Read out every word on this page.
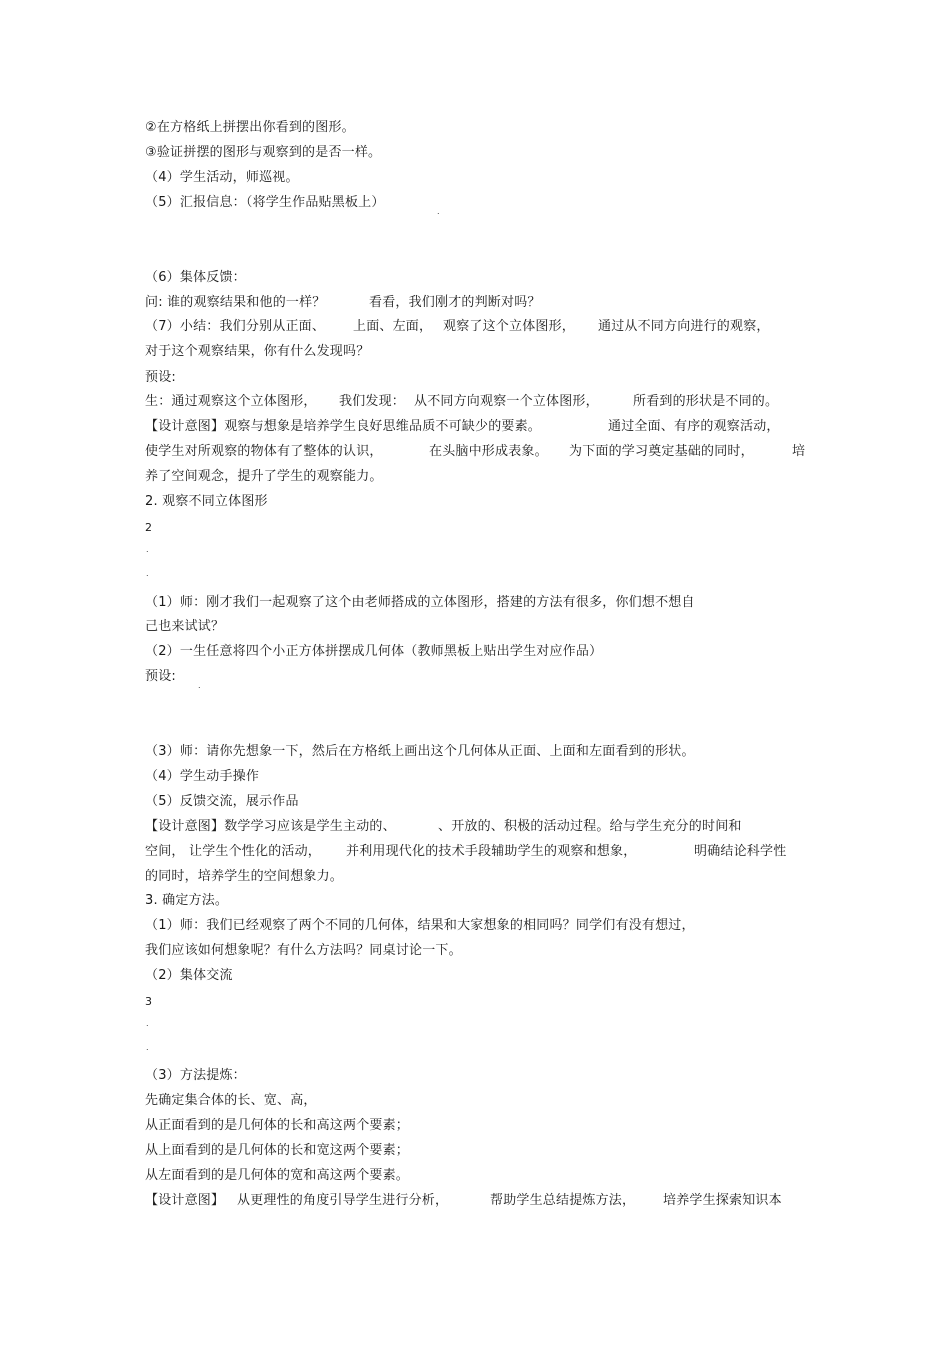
②在方格纸上拼摆出你看到的图形。
③验证拼摆的图形与观察到的是否一样。
（4）学生活动，师巡视。
（5）汇报信息：（将学生作品贴黑板上）
.
（6）集体反馈：

问: 谁的观察结果和他的一样？

	看看，我们刚才的判断对吗？

（7）小结：我们分别从正面、

上面、左面，

观察了这个立体图形，

通过从不同方向进行的观察，

对于这个观察结果，你有什么发现吗？
预设:

生：通过观察这个立体图形，

我们发现：

从不同方向观察一个立体图形，

	所看到的形状是不同的。

【设计意图】观察与想象是培养学生良好思维品质不可缺少的要素。

	通过全面、有序的观察活动，

使学生对所观察的物体有了整体的认识，

	在头脑中形成表象。

为下面的学习奠定基础的同时，

	培

养了空间观念，提升了学生的观察能力。
2. 观察不同立体图形
2
.
.
（1）师：刚才我们一起观察了这个由老师搭成的立体图形，搭建的方法有很多，你们想不想自
己也来试试？
（2）一生任意将四个小正方体拼摆成几何体（教师黑板上贴出学生对应作品）
预设:
.
（3）师：请你先想象一下，然后在方格纸上画出这个几何体从正面、上面和左面看到的形状。
（4）学生动手操作
（5）反馈交流，展示作品

【设计意图】数学学习应该是学生主动的、

	、开放的、积极的活动过程。给与学生充分的时间和

空间，

让学生个性化的活动，

并利用现代化的技术手段辅助学生的观察和想象，

	明确结论科学性

的同时，培养学生的空间想象力。
3. 确定方法。
（1）师：我们已经观察了两个不同的几何体，结果和大家想象的相同吗？同学们有没有想过，
我们应该如何想象呢？有什么方法吗？同桌讨论一下。
（2）集体交流
3
.
.
（3）方法提炼：
先确定集合体的长、宽、高，
从正面看到的是几何体的长和高这两个要素；
从上面看到的是几何体的长和宽这两个要素；
从左面看到的是几何体的宽和高这两个要素。

【设计意图】

从更理性的角度引导学生进行分析，

	帮助学生总结提炼方法，

培养学生探索知识本
